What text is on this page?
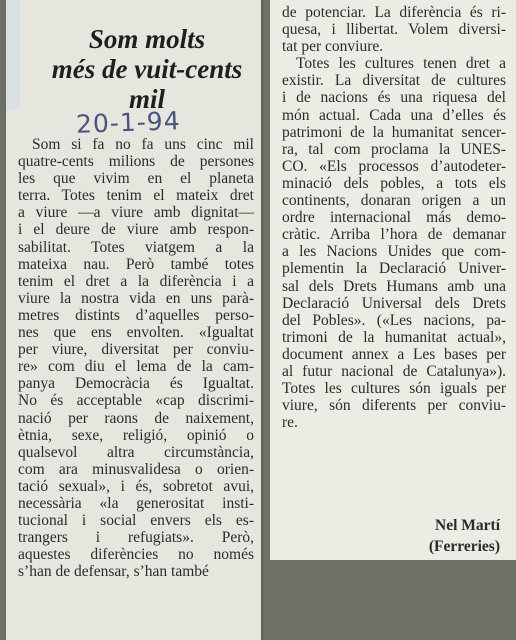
Som molts
més de vuit-cents
mil
20-1-94
Som si fa no fa uns cinc mil
quatre-cents milions de persones
les que vivim en el planeta
terra. Totes tenim el mateix dret
a viure —a viure amb dignitat—
i el deure de viure amb respon-
sabilitat. Totes viatgem a la
mateixa nau. Però també totes
tenim el dret a la diferència i a
viure la nostra vida en uns parà-
metres distints d’aquelles perso-
nes que ens envolten. «Igualtat
per viure, diversitat per conviu-
re» com diu el lema de la cam-
panya Democràcia és Igualtat.
No és acceptable «cap discrimi-
nació per raons de naixement,
ètnia, sexe, religió, opinió o
qualsevol altra circumstància,
com ara minusvalidesa o orien-
tació sexual», i és, sobretot avui,
necessària «la generositat insti-
tucional i social envers els es-
trangers i refugiats». Però,
aquestes diferències no només
s’han de defensar, s’han també
de potenciar. La diferència és ri-
quesa, i llibertat. Volem diversi-
tat per conviure.
Totes les cultures tenen dret a
existir. La diversitat de cultures
i de nacions és una riquesa del
món actual. Cada una d’elles és
patrimoni de la humanitat sencer-
ra, tal com proclama la UNES-
CO. «Els processos d’autodeter-
minació dels pobles, a tots els
continents, donaran origen a un
ordre internacional más demo-
cràtic. Arriba l’hora de demanar
a les Nacions Unides que com-
plementin la Declaració Univer-
sal dels Drets Humans amb una
Declaració Universal dels Drets
del Pobles». («Les nacions, pa-
trimoni de la humanitat actual»,
document annex a Les bases per
al futur nacional de Catalunya»).
Totes les cultures són iguals per
viure, són diferents per conviu-
re.
Nel Martí
(Ferreries)
